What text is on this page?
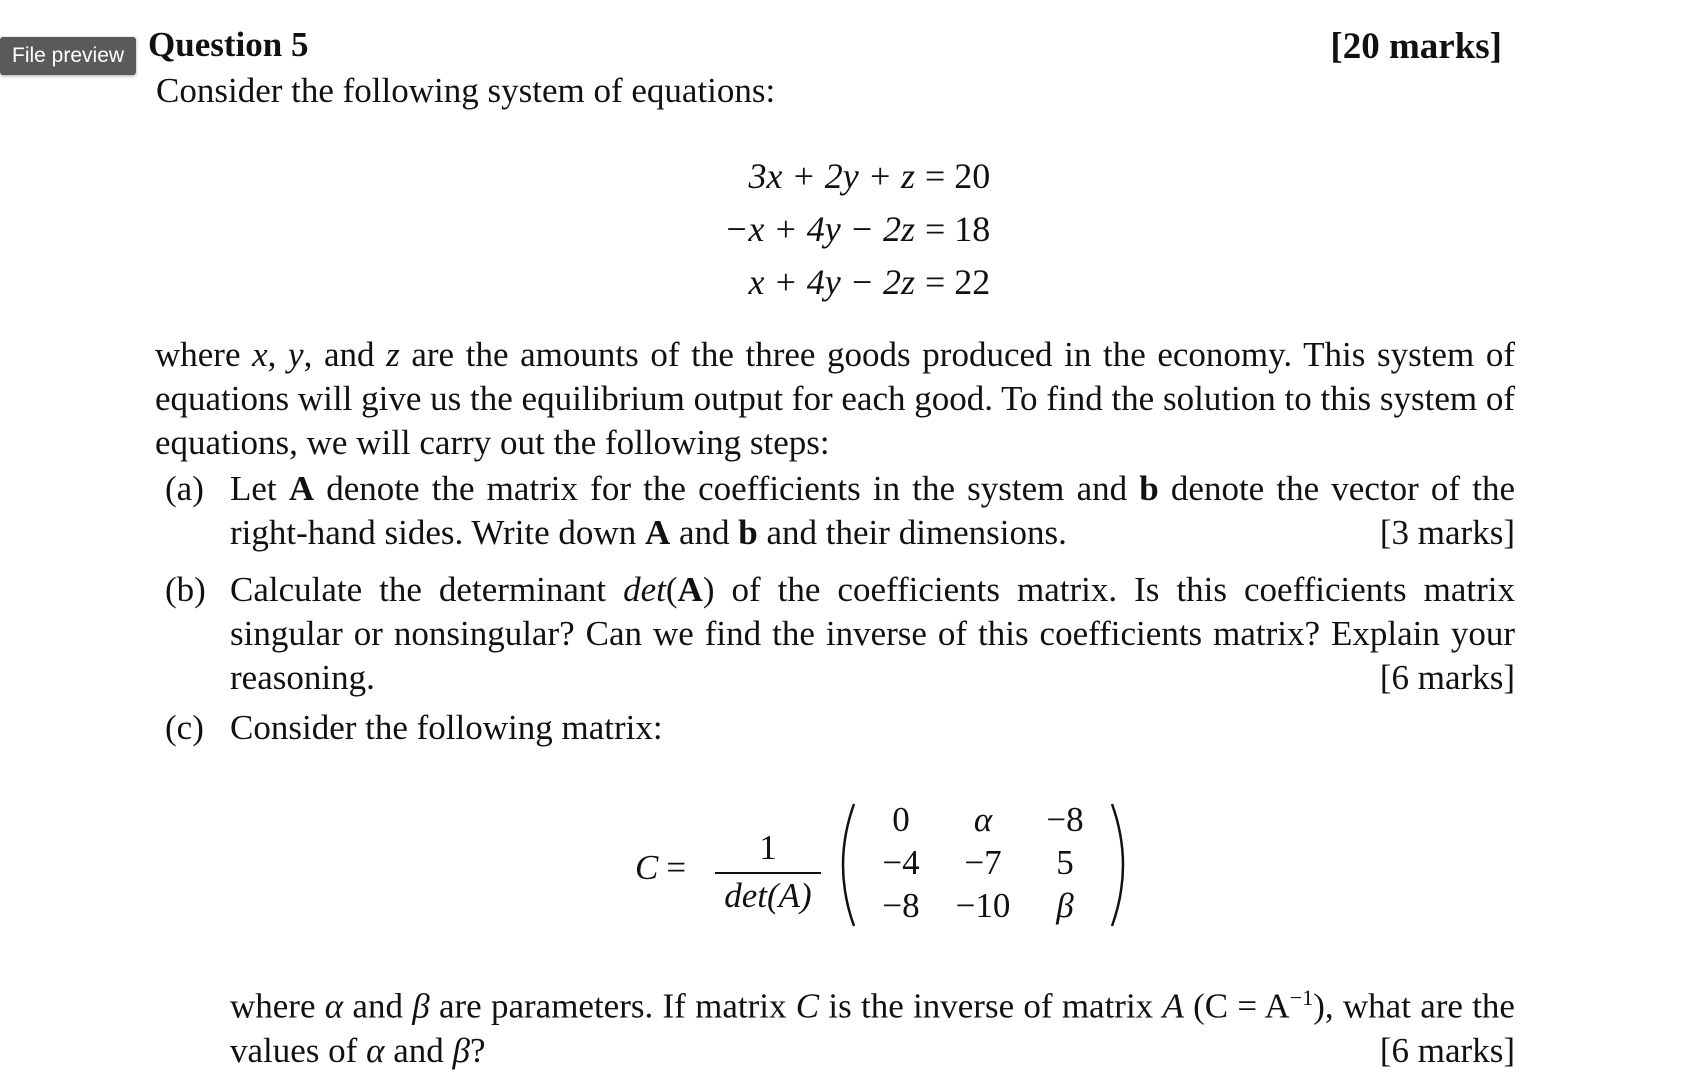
File preview Question 5	[20 marks]
Consider the following system of equations:
3x + 2y + z = 20
−x + 4y − 2z = 18
x + 4y − 2z = 22
where x, y, and z are the amounts of the three goods produced in the economy. This system of equations will give us the equilibrium output for each good. To find the solution to this system of equations, we will carry out the following steps:
(a) Let A denote the matrix for the coefficients in the system and b denote the vector of the right-hand sides. Write down A and b and their dimensions.	[3 marks]
(b) Calculate the determinant det(A) of the coefficients matrix. Is this coefficients matrix singular or nonsingular? Can we find the inverse of this coefficients matrix? Explain your reasoning.	[6 marks]
(c) Consider the following matrix:
C =
1
det(A)
0	α	−8
−4	−7	5
−8	−10	β
where α and β are parameters. If matrix C is the inverse of matrix A $(C = A^{-1})$, what are the values of α and β?	[6 marks]
